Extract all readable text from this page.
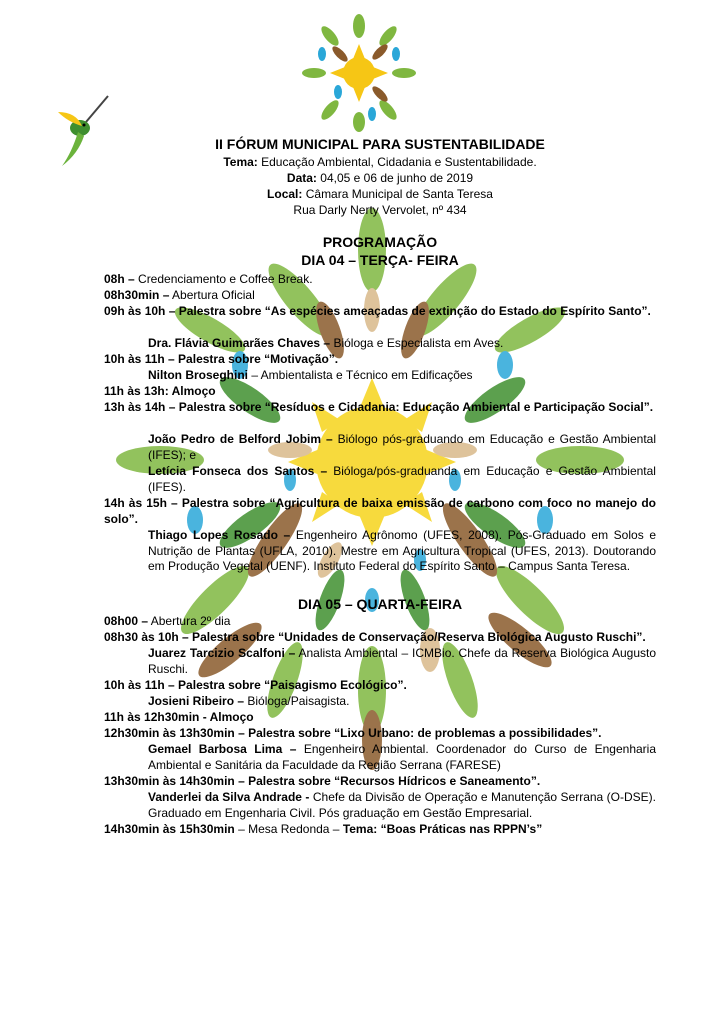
II FÓRUM MUNICIPAL PARA SUSTENTABILIDADE
Tema: Educação Ambiental, Cidadania e Sustentabilidade.
Data: 04,05 e 06 de junho de 2019
Local: Câmara Municipal de Santa Teresa
Rua Darly Nerty Vervolet, nº 434
PROGRAMAÇÃO
DIA 04 – TERÇA- FEIRA
08h – Credenciamento e Coffee Break.
08h30min – Abertura Oficial
09h às 10h – Palestra sobre “As espécies ameaçadas de extinção do Estado do Espírito Santo”.
Dra. Flávia Guimarães Chaves – Bióloga e Especialista em Aves.
10h às 11h – Palestra sobre “Motivação”.
Nilton Broseghini – Ambientalista e Técnico em Edificações
11h às 13h: Almoço
13h às 14h – Palestra sobre “Resíduos e Cidadania: Educação Ambiental e Participação Social”.
João Pedro de Belford Jobim – Biólogo pós-graduando em Educação e Gestão Ambiental (IFES); e
Letícia Fonseca dos Santos – Bióloga/pós-graduanda em Educação e Gestão Ambiental (IFES).
14h às 15h – Palestra sobre “Agricultura de baixa emissão de carbono com foco no manejo do solo”.
Thiago Lopes Rosado – Engenheiro Agrônomo (UFES, 2008). Pós-Graduado em Solos e Nutrição de Plantas (UFLA, 2010). Mestre em Agricultura Tropical (UFES, 2013). Doutorando em Produção Vegetal (UENF). Instituto Federal do Espírito Santo – Campus Santa Teresa.
DIA 05 – QUARTA-FEIRA
08h00 – Abertura 2º dia
08h30 às 10h – Palestra sobre “Unidades de Conservação/Reserva Biológica Augusto Ruschi”.
Juarez Tarcizio Scalfoni – Analista Ambiental – ICMBio. Chefe da Reserva Biológica Augusto Ruschi.
10h às 11h – Palestra sobre “Paisagismo Ecológico”.
Josieni Ribeiro – Bióloga/Paisagista.
11h às 12h30min - Almoço
12h30min às 13h30min – Palestra sobre “Lixo Urbano: de problemas a possibilidades”.
Gemael Barbosa Lima – Engenheiro Ambiental. Coordenador do Curso de Engenharia Ambiental e Sanitária da Faculdade da Região Serrana (FARESE)
13h30min às 14h30min – Palestra sobre “Recursos Hídricos e Saneamento”.
Vanderlei da Silva Andrade - Chefe da Divisão de Operação e Manutenção Serrana (O-DSE). Graduado em Engenharia Civil. Pós graduação em Gestão Empresarial.
14h30min às 15h30min – Mesa Redonda – Tema: “Boas Práticas nas RPPN’s”
